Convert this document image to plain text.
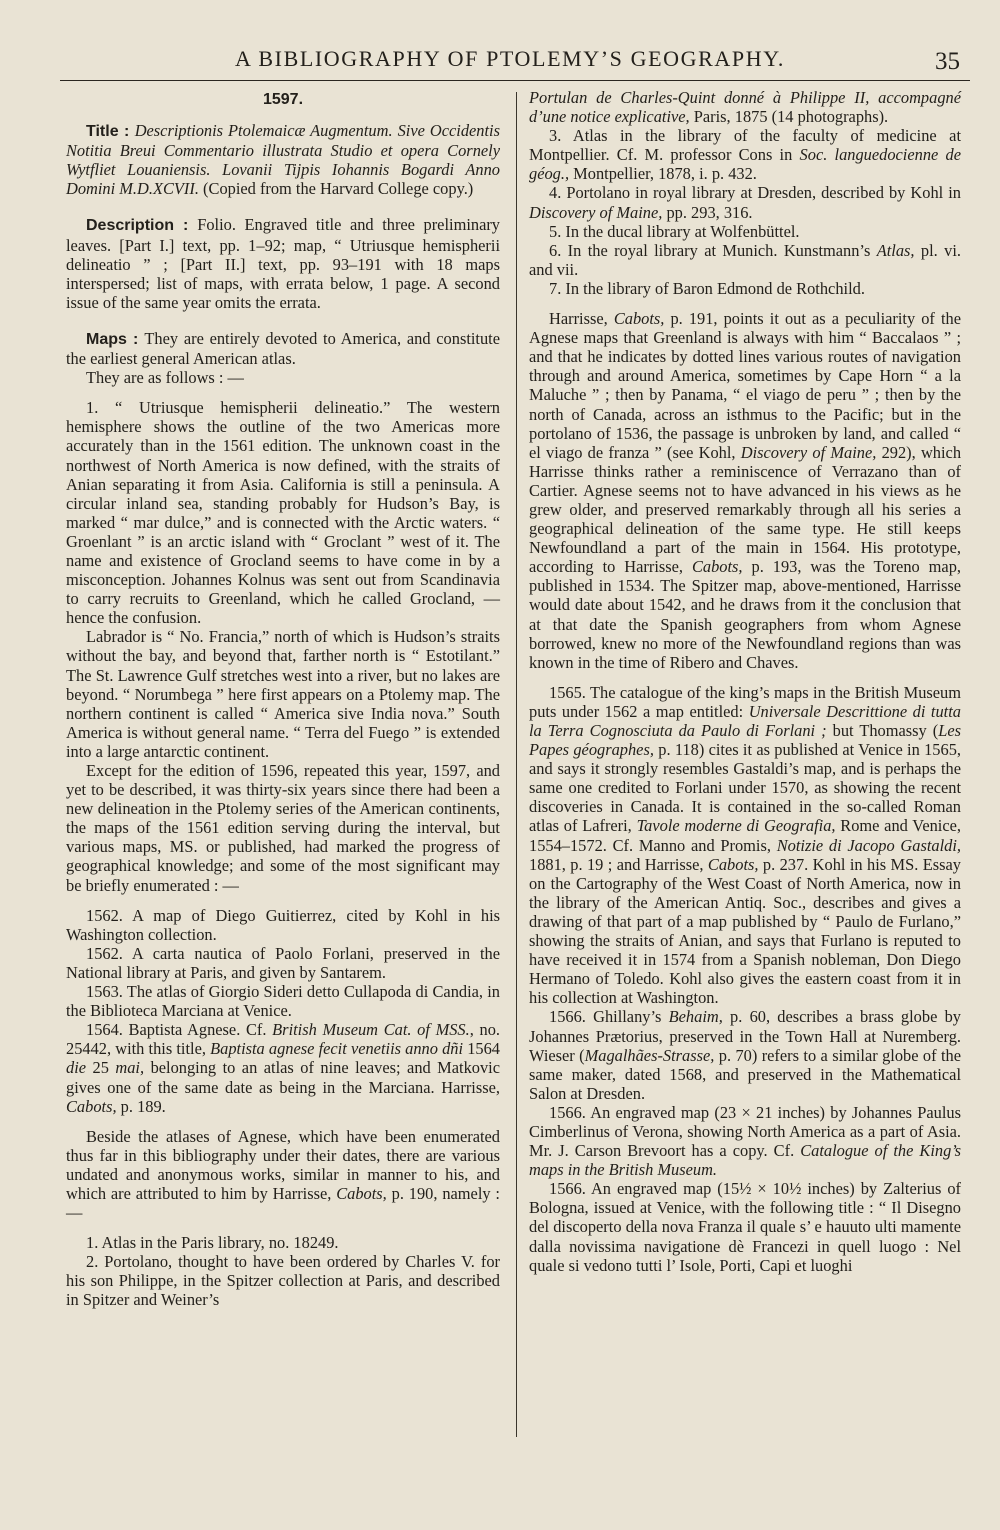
A BIBLIOGRAPHY OF PTOLEMY’S GEOGRAPHY.	35
1597.

Title : Descriptionis Ptolemaicæ Augmentum. Sive Occidentis Notitia Breui Commentario illustrata Studio et opera Cornely Wytfliet Louaniensis. Lovanii Tijpis Iohannis Bogardi Anno Domini M.D.XCVII. (Copied from the Harvard College copy.)

Description : Folio. Engraved title and three preliminary leaves. [Part I.] text, pp. 1–92; map, “ Utriusque hemispherii delineatio ” ; [Part II.] text, pp. 93–191 with 18 maps interspersed; list of maps, with errata below, 1 page. A second issue of the same year omits the errata.

Maps : They are entirely devoted to America, and constitute the earliest general American atlas.

They are as follows : —

1. “ Utriusque hemispherii delineatio.” The western hemisphere shows the outline of the two Americas more accurately than in the 1561 edition. The unknown coast in the northwest of North America is now defined, with the straits of Anian separating it from Asia. California is still a peninsula. A circular inland sea, standing probably for Hudson’s Bay, is marked “ mar dulce,” and is connected with the Arctic waters. “ Groenlant ” is an arctic island with “ Groclant ” west of it. The name and existence of Grocland seems to have come in by a misconception. Johannes Kolnus was sent out from Scandinavia to carry recruits to Greenland, which he called Grocland, — hence the confusion.

Labrador is “ No. Francia,” north of which is Hudson’s straits without the bay, and beyond that, farther north is “ Estotilant.” The St. Lawrence Gulf stretches west into a river, but no lakes are beyond. “ Norumbega ” here first appears on a Ptolemy map. The northern continent is called “ America sive India nova.” South America is without general name. “ Terra del Fuego ” is extended into a large antarctic continent.

Except for the edition of 1596, repeated this year, 1597, and yet to be described, it was thirty-six years since there had been a new delineation in the Ptolemy series of the American continents, the maps of the 1561 edition serving during the interval, but various maps, MS. or published, had marked the progress of geographical knowledge; and some of the most significant may be briefly enumerated : —

1562. A map of Diego Guitierrez, cited by Kohl in his Washington collection.

1562. A carta nautica of Paolo Forlani, preserved in the National library at Paris, and given by Santarem.

1563. The atlas of Giorgio Sideri detto Cullapoda di Candia, in the Biblioteca Marciana at Venice.

1564. Baptista Agnese. Cf. British Museum Cat. of MSS., no. 25442, with this title, Baptista agnese fecit venetiis anno dñi 1564 die 25 mai, belonging to an atlas of nine leaves; and Matkovic gives one of the same date as being in the Marciana. Harrisse, Cabots, p. 189.

Beside the atlases of Agnese, which have been enumerated thus far in this bibliography under their dates, there are various undated and anonymous works, similar in manner to his, and which are attributed to him by Harrisse, Cabots, p. 190, namely : —

1. Atlas in the Paris library, no. 18249.

2. Portolano, thought to have been ordered by Charles V. for his son Philippe, in the Spitzer collection at Paris, and described in Spitzer and Weiner’s

Portulan de Charles-Quint donné à Philippe II, accompagné d’une notice explicative, Paris, 1875 (14 photographs).

3. Atlas in the library of the faculty of medicine at Montpellier. Cf. M. professor Cons in Soc. languedocienne de géog., Montpellier, 1878, i. p. 432.

4. Portolano in royal library at Dresden, described by Kohl in Discovery of Maine, pp. 293, 316.

5. In the ducal library at Wolfenbüttel.

6. In the royal library at Munich. Kunstmann’s Atlas, pl. vi. and vii.

7. In the library of Baron Edmond de Rothchild.

Harrisse, Cabots, p. 191, points it out as a peculiarity of the Agnese maps that Greenland is always with him “ Baccalaos ” ; and that he indicates by dotted lines various routes of navigation through and around America, sometimes by Cape Horn “ a la Maluche ” ; then by Panama, “ el viago de peru ” ; then by the north of Canada, across an isthmus to the Pacific; but in the portolano of 1536, the passage is unbroken by land, and called “ el viago de franza ” (see Kohl, Discovery of Maine, 292), which Harrisse thinks rather a reminiscence of Verrazano than of Cartier. Agnese seems not to have advanced in his views as he grew older, and preserved remarkably through all his series a geographical delineation of the same type. He still keeps Newfoundland a part of the main in 1564. His prototype, according to Harrisse, Cabots, p. 193, was the Toreno map, published in 1534. The Spitzer map, above-mentioned, Harrisse would date about 1542, and he draws from it the conclusion that at that date the Spanish geographers from whom Agnese borrowed, knew no more of the Newfoundland regions than was known in the time of Ribero and Chaves.

1565. The catalogue of the king’s maps in the British Museum puts under 1562 a map entitled: Universale Descrittione di tutta la Terra Cognosciuta da Paulo di Forlani ; but Thomassy (Les Papes géographes, p. 118) cites it as published at Venice in 1565, and says it strongly resembles Gastaldi’s map, and is perhaps the same one credited to Forlani under 1570, as showing the recent discoveries in Canada. It is contained in the so-called Roman atlas of Lafreri, Tavole moderne di Geografia, Rome and Venice, 1554–1572. Cf. Manno and Promis, Notizie di Jacopo Gastaldi, 1881, p. 19 ; and Harrisse, Cabots, p. 237. Kohl in his MS. Essay on the Cartography of the West Coast of North America, now in the library of the American Antiq. Soc., describes and gives a drawing of that part of a map published by “ Paulo de Furlano,” showing the straits of Anian, and says that Furlano is reputed to have received it in 1574 from a Spanish nobleman, Don Diego Hermano of Toledo. Kohl also gives the eastern coast from it in his collection at Washington.

1566. Ghillany’s Behaim, p. 60, describes a brass globe by Johannes Prætorius, preserved in the Town Hall at Nuremberg. Wieser (Magalhães-Strasse, p. 70) refers to a similar globe of the same maker, dated 1568, and preserved in the Mathematical Salon at Dresden.

1566. An engraved map (23 × 21 inches) by Johannes Paulus Cimberlinus of Verona, showing North America as a part of Asia. Mr. J. Carson Brevoort has a copy. Cf. Catalogue of the King’s maps in the British Museum.

1566. An engraved map (15½ × 10½ inches) by Zalterius of Bologna, issued at Venice, with the following title : “ Il Disegno del discoperto della nova Franza il quale s’ e hauuto ulti mamente dalla novissima navigatione dè Francezi in quell luogo : Nel quale si vedono tutti l’ Isole, Porti, Capi et luoghi
